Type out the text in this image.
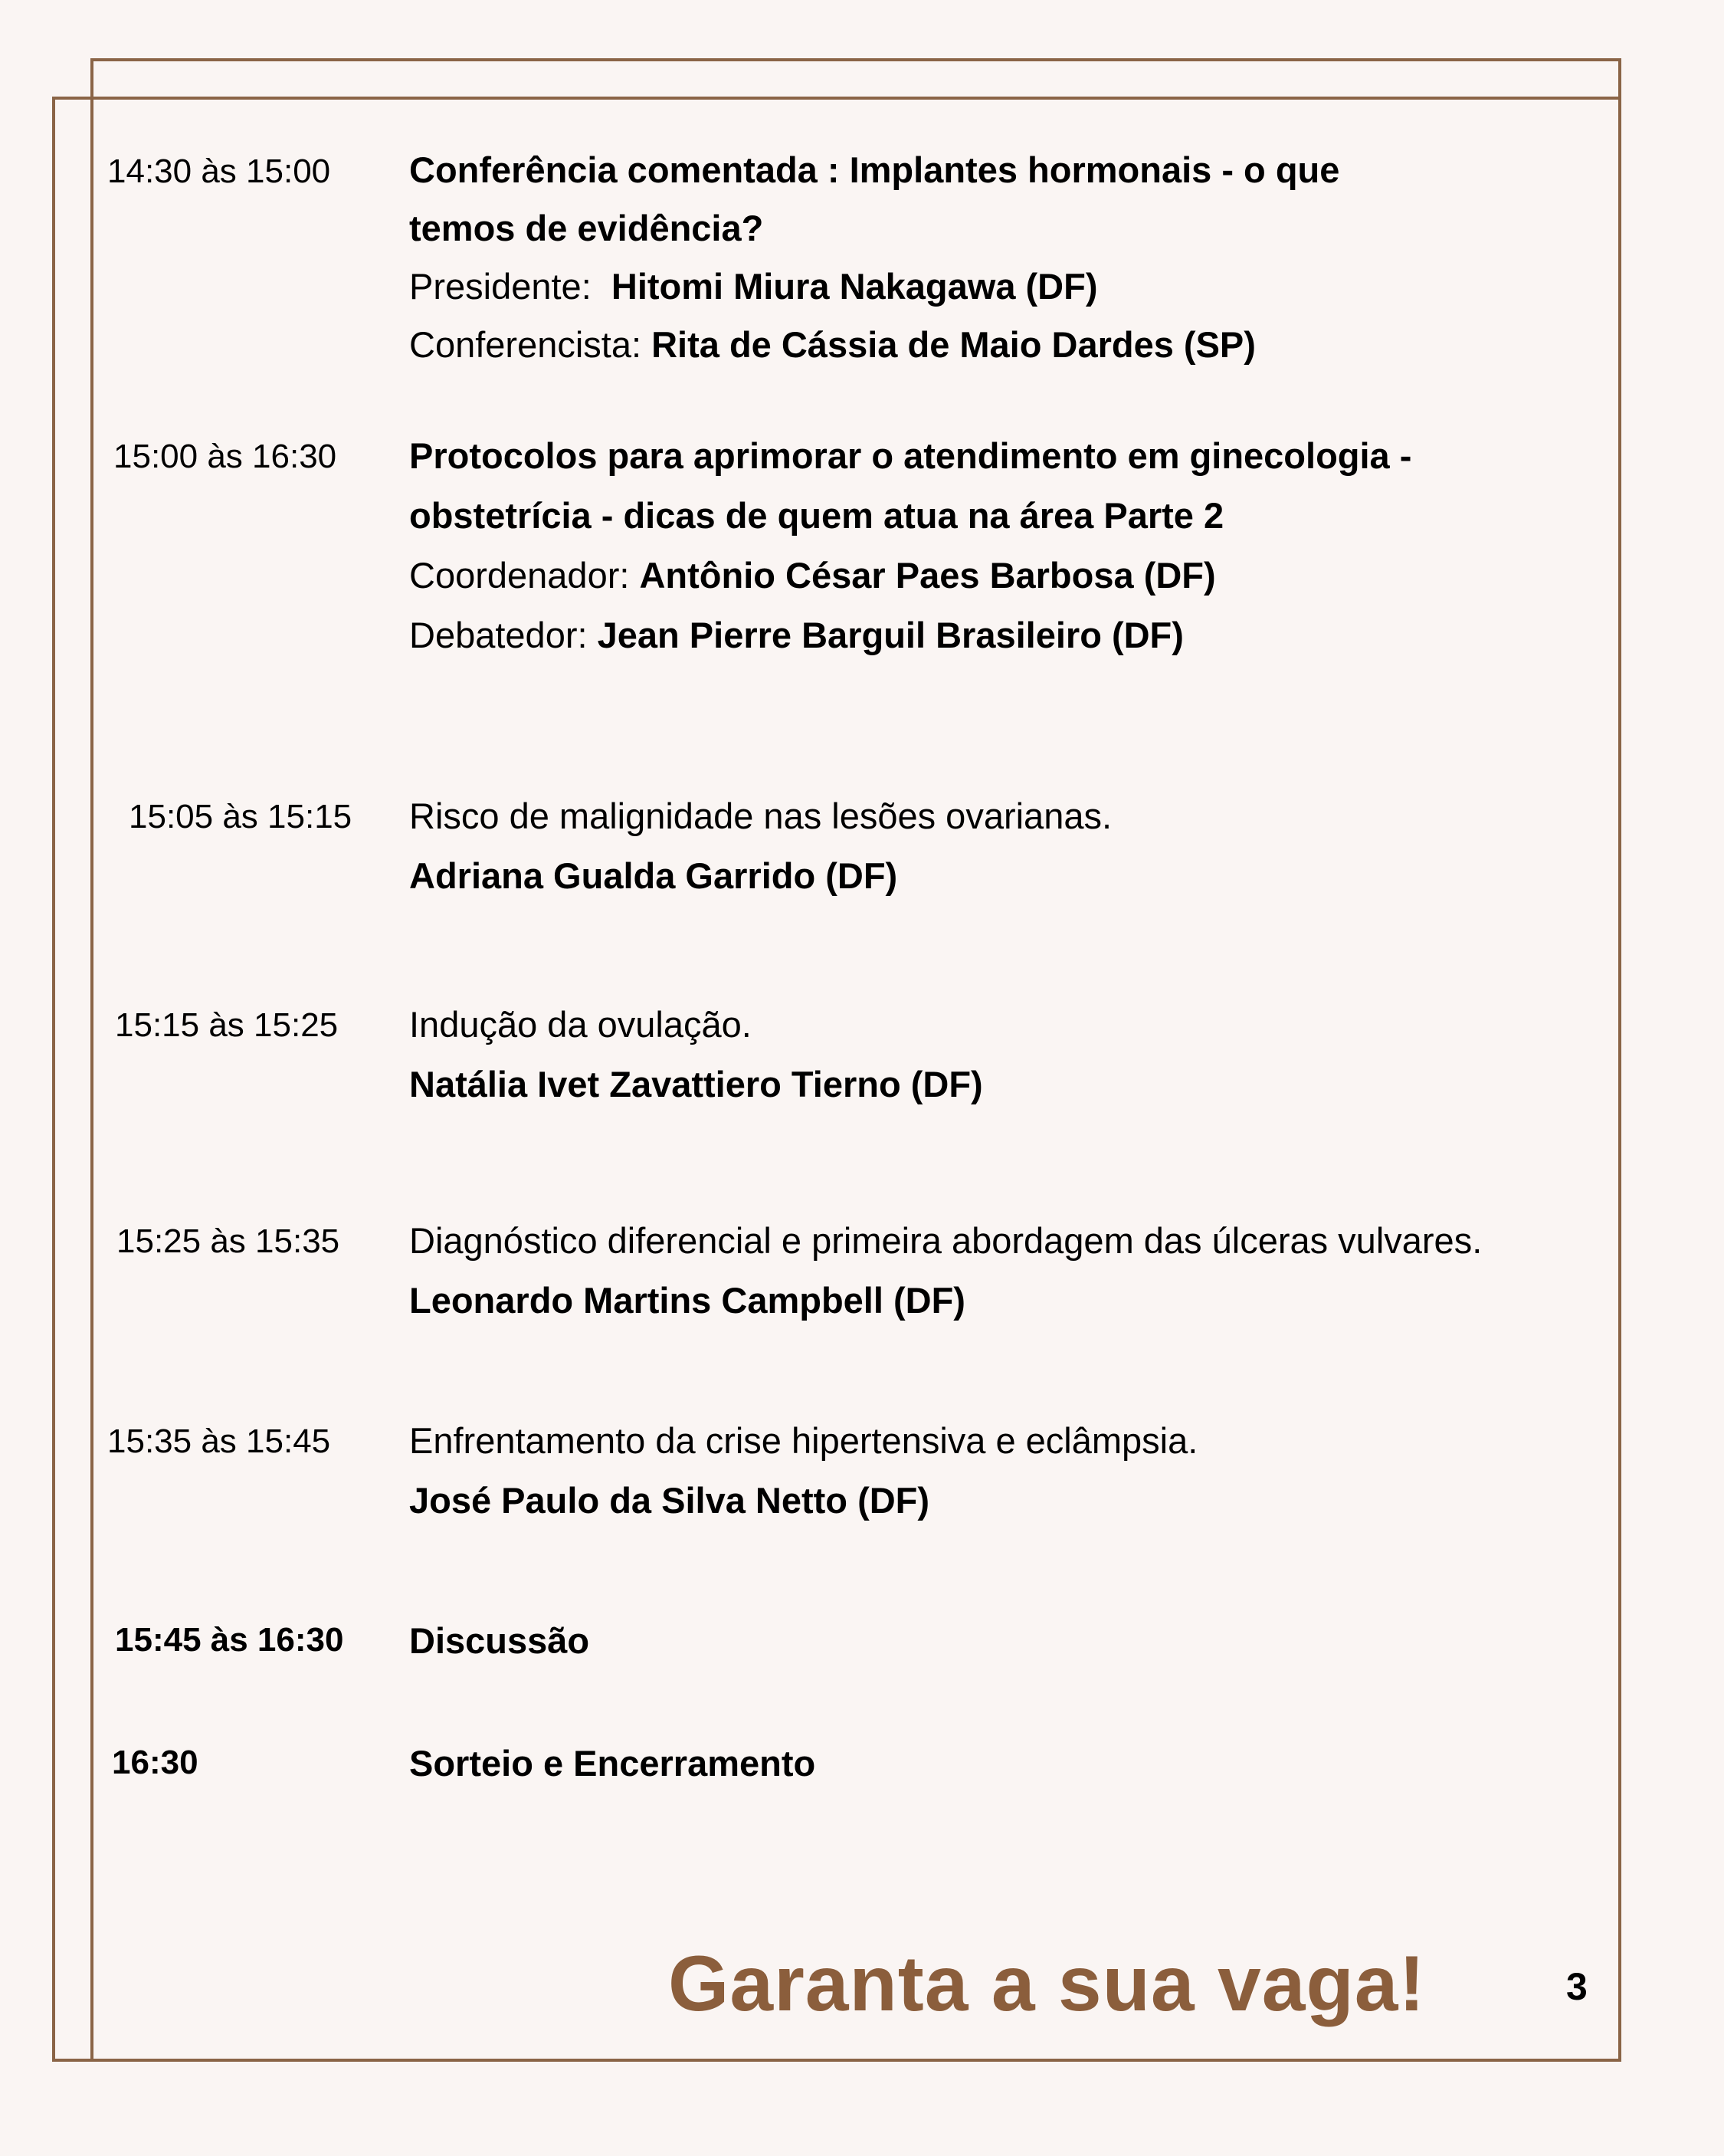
14:30 às 15:00 Conferência comentada : Implantes hormonais - o que
temos de evidência?
Presidente: Hitomi Miura Nakagawa (DF)
Conferencista: Rita de Cássia de Maio Dardes (SP)
15:00 às 16:30 Protocolos para aprimorar o atendimento em ginecologia -
obstetrícia - dicas de quem atua na área Parte 2
Coordenador: Antônio César Paes Barbosa (DF)
Debatedor: Jean Pierre Barguil Brasileiro (DF)
15:05 às 15:15 Risco de malignidade nas lesões ovarianas.
Adriana Gualda Garrido (DF)
15:15 às 15:25 Indução da ovulação.
Natália Ivet Zavattiero Tierno (DF)
15:25 às 15:35 Diagnóstico diferencial e primeira abordagem das úlceras vulvares.
Leonardo Martins Campbell (DF)
15:35 às 15:45 Enfrentamento da crise hipertensiva e eclâmpsia.
José Paulo da Silva Netto (DF)
15:45 às 16:30 Discussão
16:30	Sorteio e Encerramento
Garanta a sua vaga!	3
